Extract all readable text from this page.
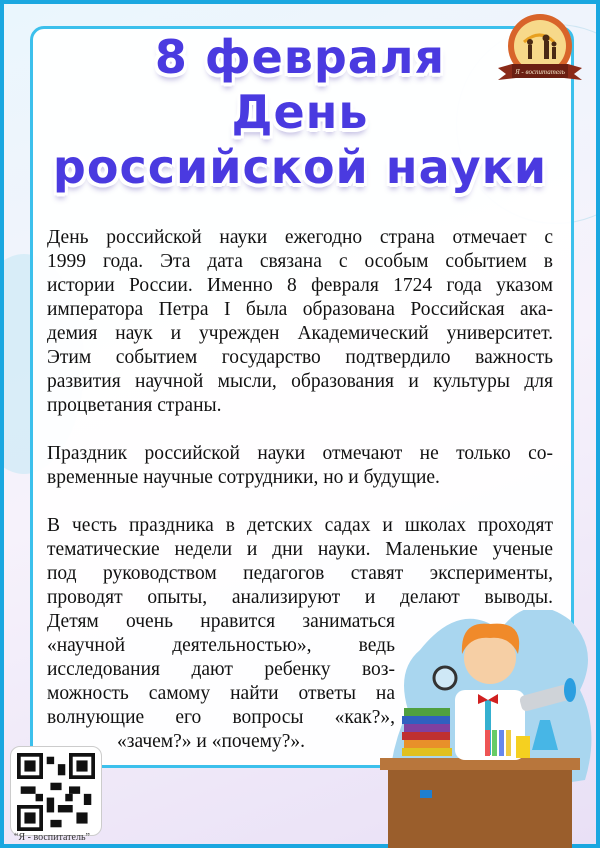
8 февраля
День
российской науки
Я - воспитатель
День российской науки ежегодно страна отмечает с
1999 года. Эта дата связана с особым событием в
истории России. Именно 8 февраля 1724 года указом
императора Петра I была образована Российская ака-
демия наук и учрежден Академический университет.
Этим событием государство подтвердило важность
развития научной мысли, образования и культуры для
процветания страны.
Праздник российской науки отмечают не только со-
временные научные сотрудники, но и будущие.
В честь праздника в детских садах и школах проходят
тематические недели и дни науки. Маленькие ученые
под руководством педагогов ставят эксперименты,
проводят опыты, анализируют и делают выводы.
Детям очень нравится заниматься
«научной деятельностью», ведь
исследования дают ребенку воз-
можность самому найти ответы на
волнующие его вопросы «как?»,
«зачем?» и «почему?».
“Я - воспитатель”
